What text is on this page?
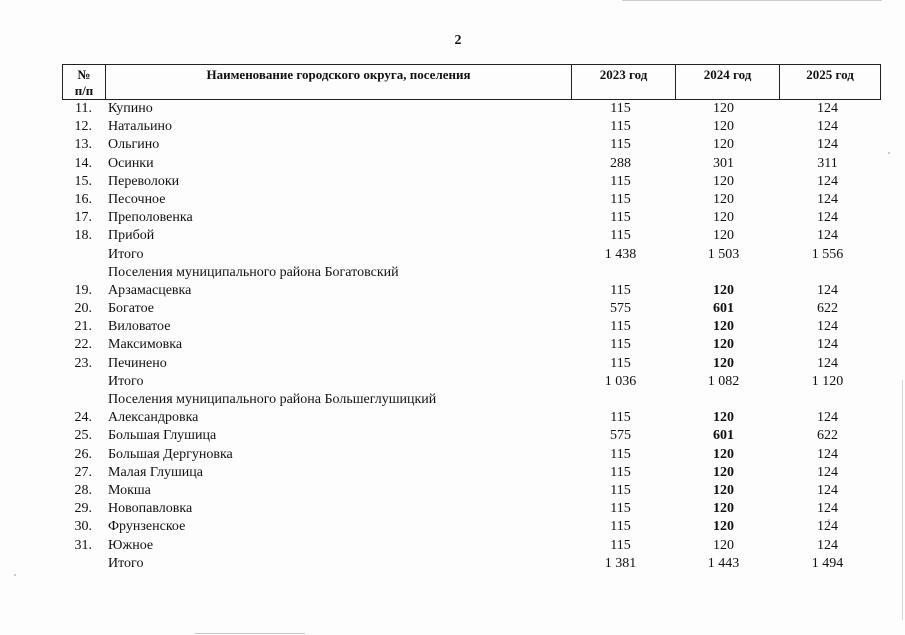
2
№
п/п	Наименование городского округа, поселения	2023 год	2024 год	2025 год
11. Купино	115	120	124
12. Натальино	115	120	124
13. Ольгино	115	120	124
14. Осинки	288	301	311
15. Переволоки	115	120	124
16. Песочное	115	120	124
17. Преполовенка	115	120	124
18. Прибой	115	120	124
Итого	1 438	1 503	1 556
Поселения муниципального района Богатовский
19. Арзамасцевка	115	120	124
20. Богатое	575	601	622
21. Виловатое	115	120	124
22. Максимовка	115	120	124
23. Печинено	115	120	124
Итого	1 036	1 082	1 120
Поселения муниципального района Большеглушицкий
24. Александровка	115	120	124
25. Большая Глушица	575	601	622
26. Большая Дергуновка	115	120	124
27. Малая Глушица	115	120	124
28. Мокша	115	120	124
29. Новопавловка	115	120	124
30. Фрунзенское	115	120	124
31. Южное	115	120	124
Итого	1 381	1 443	1 494
